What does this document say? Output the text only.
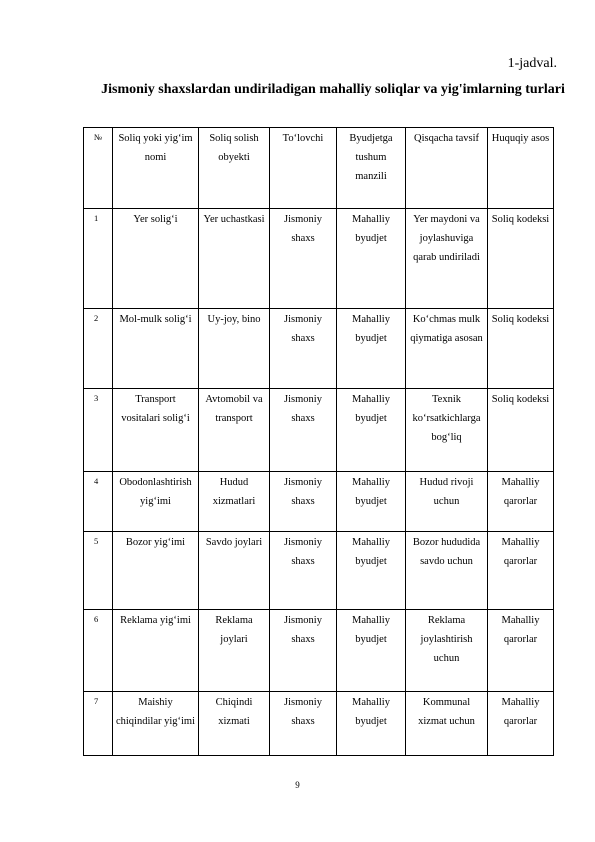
1-jadval.
Jismoniy shaxslardan undiriladigan mahalliy soliqlar va yig'imlarning turlari
№	Soliq yoki yig‘im nomi	Soliq solish obyekti	To‘lovchi	Byudjetga tushum manzili	Qisqacha tavsif	Huquqiy asos
1	Yer solig‘i	Yer uchastkasi	Jismoniy shaxs	Mahalliy byudjet	Yer maydoni va joylashuviga qarab undiriladi	Soliq kodeksi
2	Mol-mulk solig‘i	Uy-joy, bino	Jismoniy shaxs	Mahalliy byudjet	Ko‘chmas mulk qiymatiga asosan	Soliq kodeksi
3	Transport vositalari solig‘i	Avtomobil va transport	Jismoniy shaxs	Mahalliy byudjet	Texnik ko‘rsatkichlarga bog‘liq	Soliq kodeksi
4	Obodonlashtirish yig‘imi	Hudud xizmatlari	Jismoniy shaxs	Mahalliy byudjet	Hudud rivoji uchun	Mahalliy qarorlar
5	Bozor yig‘imi	Savdo joylari	Jismoniy shaxs	Mahalliy byudjet	Bozor hududida savdo uchun	Mahalliy qarorlar
6	Reklama yig‘imi	Reklama joylari	Jismoniy shaxs	Mahalliy byudjet	Reklama joylashtirish uchun	Mahalliy qarorlar
7	Maishiy chiqindilar yig‘imi	Chiqindi xizmati	Jismoniy shaxs	Mahalliy byudjet	Kommunal xizmat uchun	Mahalliy qarorlar
9
